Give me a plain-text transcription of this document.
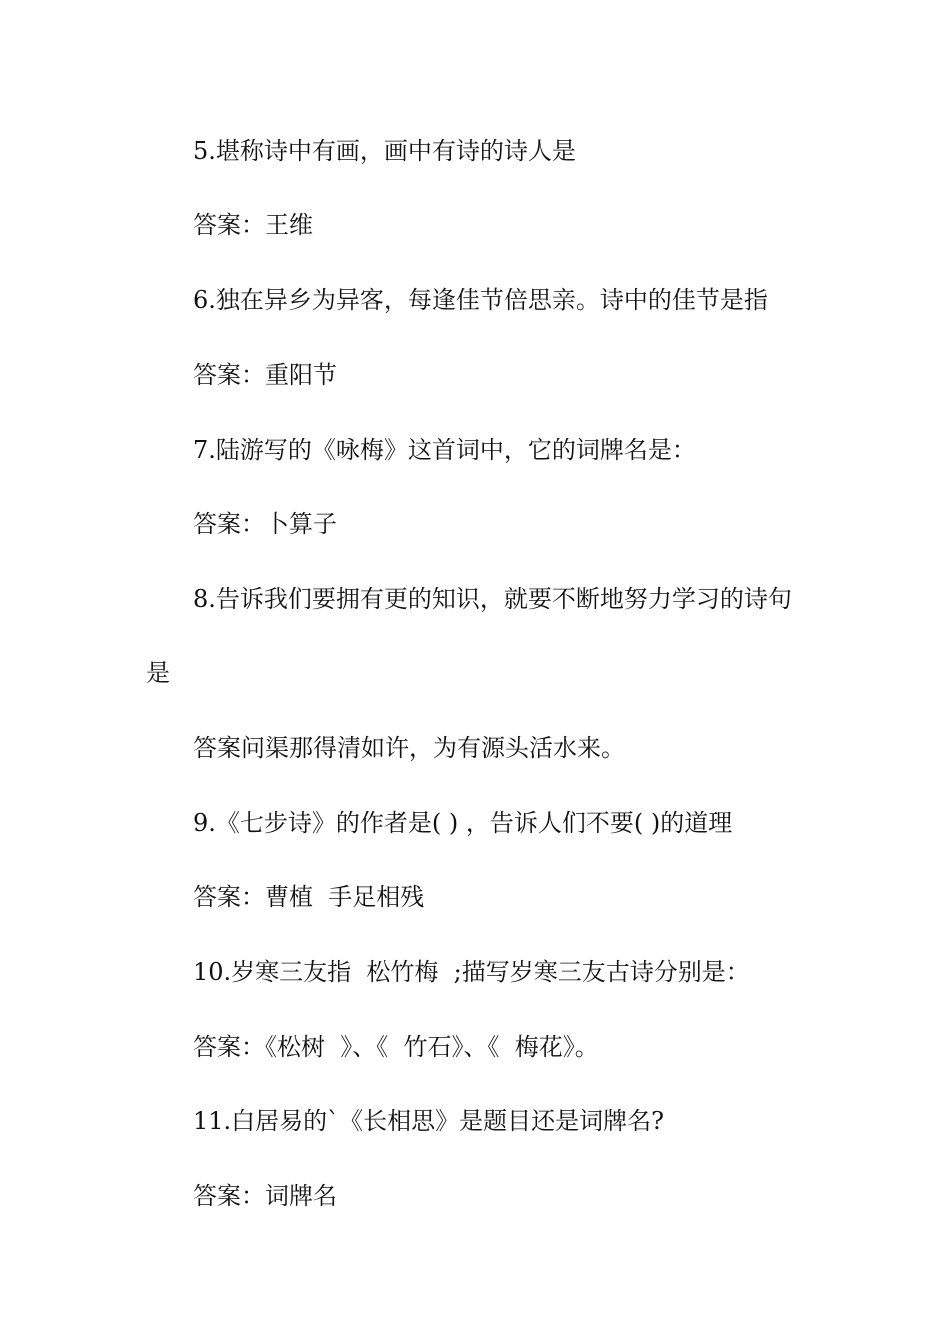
5.堪称诗中有画，画中有诗的诗人是
答案：王维
6.独在异乡为异客，每逢佳节倍思亲。诗中的佳节是指
答案：重阳节
7.陆游写的《咏梅》这首词中，它的词牌名是：
答案：卜算子
8.告诉我们要拥有更的知识，就要不断地努力学习的诗句
是
答案问渠那得清如许，为有源头活水来。
9.《七步诗》的作者是( ) ，告诉人们不要( )的道理
答案：曹植  手足相残
10.岁寒三友指  松竹梅  ;描写岁寒三友古诗分别是：
答案：《松树  》、《  竹石》、《  梅花》。
11.白居易的`《长相思》是题目还是词牌名?
答案：词牌名
